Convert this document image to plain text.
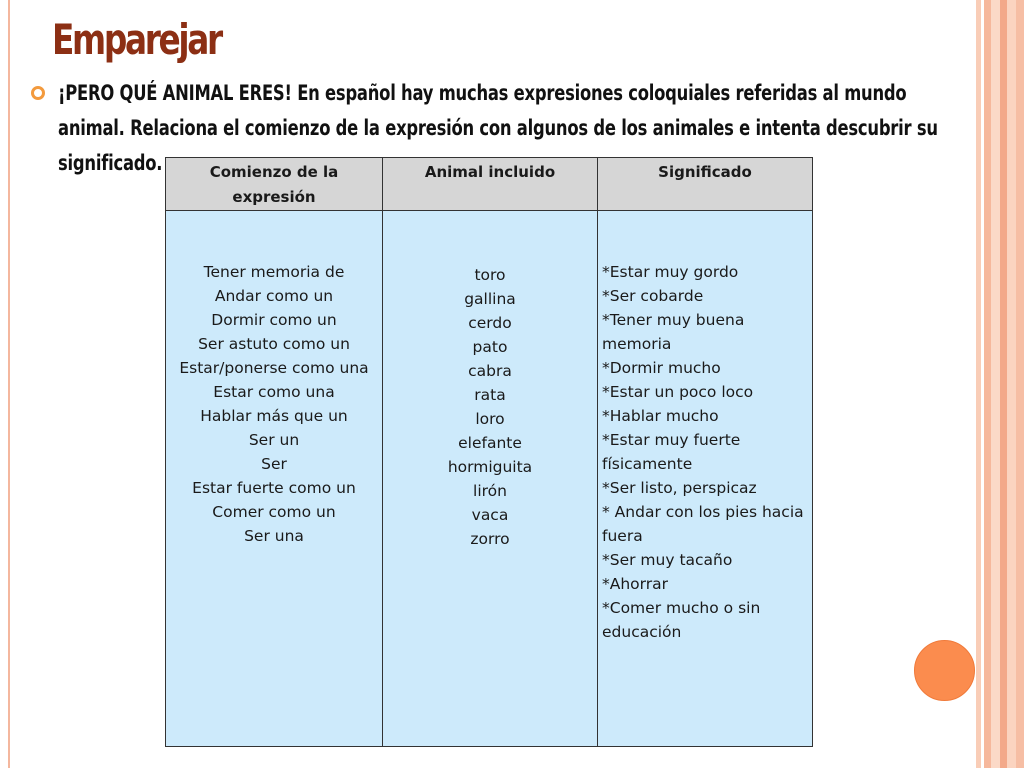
Emparejar
¡PERO QUÉ ANIMAL ERES! En español hay muchas expresiones coloquiales referidas al mundo animal. Relaciona el comienzo de la expresión con algunos de los animales e intenta descubrir su significado.	Comienzo de la expresión
Animal incluido	Significado
Tener memoria de
Andar como un
Dormir como un
Ser astuto como un
Estar/ponerse como una
Estar como una
Hablar más que un
Ser un
Ser
Estar fuerte como un
Comer como un
Ser una
toro
gallina
cerdo
pato
cabra
rata
loro
elefante
hormiguita
lirón
vaca
zorro
*Estar muy gordo
*Ser cobarde
*Tener muy buena memoria
*Dormir mucho
*Estar un poco loco
*Hablar mucho
*Estar muy fuerte físicamente
*Ser listo, perspicaz
* Andar con los pies hacia fuera
*Ser muy tacaño
*Ahorrar
*Comer mucho o sin educación
